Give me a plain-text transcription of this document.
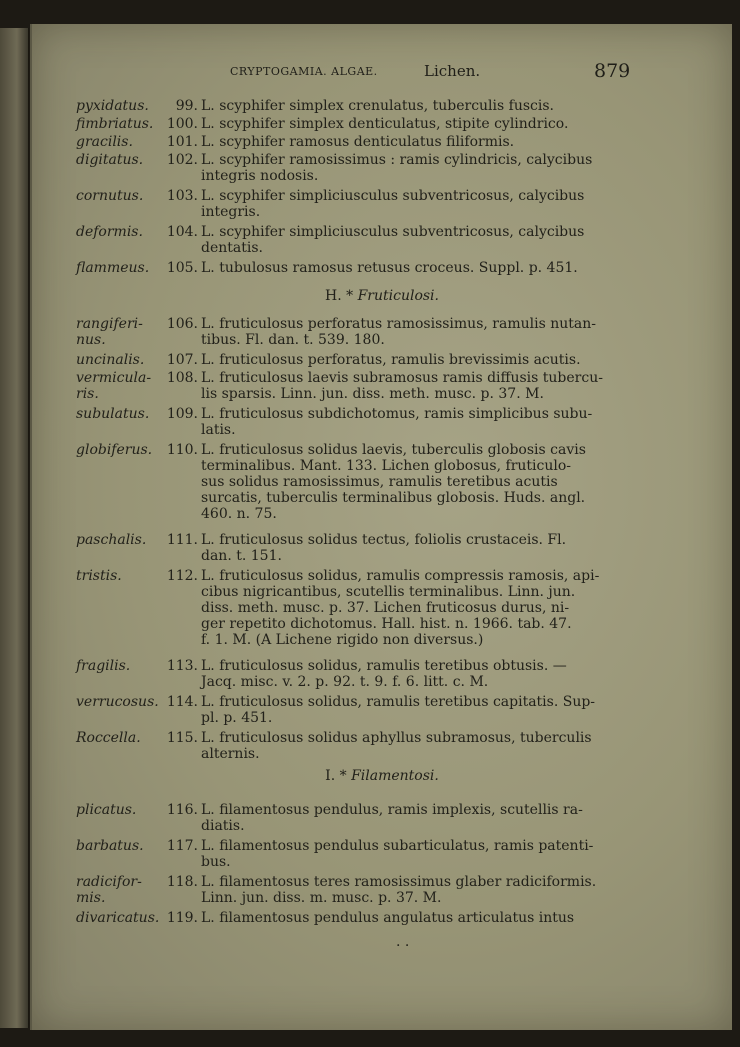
CRYPTOGAMIA. ALGAE.	Lichen.	879
pyxidatus.	99. L. scyphifer simplex crenulatus, tuberculis fuscis.
fimbriatus. 100. L. scyphifer simplex denticulatus, stipite cylindrico.
gracilis.	101. L. scyphifer ramosus denticulatus filiformis.
digitatus.	102. L. scyphifer ramosissimus : ramis cylindricis, calycibus
integris nodosis.
cornutus.	103. L. scyphifer simpliciusculus subventricosus, calycibus
integris.
deformis.	104. L. scyphifer simpliciusculus subventricosus, calycibus
dentatis.
flammeus.	105. L. tubulosus ramosus retusus croceus. Suppl. p. 451.
H. * Fruticulosi.
rangiferi-
nus.
106. L. fruticulosus perforatus ramosissimus, ramulis nutan-
tibus. Fl. dan. t. 539. 180.
uncinalis.	107. L. fruticulosus perforatus, ramulis brevissimis acutis.
vermicula-
ris.
108. L. fruticulosus laevis subramosus ramis diffusis tubercu-
lis sparsis. Linn. jun. diss. meth. musc. p. 37. M.
subulatus.	109. L. fruticulosus subdichotomus, ramis simplicibus subu-
latis.
globiferus.	110. L. fruticulosus solidus laevis, tuberculis globosis cavis
terminalibus. Mant. 133. Lichen globosus, fruticulo-
sus solidus ramosissimus, ramulis teretibus acutis
surcatis, tuberculis terminalibus globosis. Huds. angl.
460. n. 75.
paschalis.	111. L. fruticulosus solidus tectus, foliolis crustaceis. Fl.
dan. t. 151.
tristis.	112. L. fruticulosus solidus, ramulis compressis ramosis, api-
cibus nigricantibus, scutellis terminalibus. Linn. jun.
diss. meth. musc. p. 37. Lichen fruticosus durus, ni-
ger repetito dichotomus. Hall. hist. n. 1966. tab. 47.
f. 1. M. (A Lichene rigido non diversus.)
fragilis.	113. L. fruticulosus solidus, ramulis teretibus obtusis. —
Jacq. misc. v. 2. p. 92. t. 9. f. 6. litt. c. M.
verrucosus. 114. L. fruticulosus solidus, ramulis teretibus capitatis. Sup-
pl. p. 451.
Roccella.	115. L. fruticulosus solidus aphyllus subramosus, tuberculis
alternis.
I. * Filamentosi.
plicatus.	116. L. filamentosus pendulus, ramis implexis, scutellis ra-
diatis.
barbatus.	117. L. filamentosus pendulus subarticulatus, ramis patenti-
bus.
radicifor-
mis.
118. L. filamentosus teres ramosissimus glaber radiciformis.
Linn. jun. diss. m. musc. p. 37. M.
divaricatus. 119. L. filamentosus pendulus angulatus articulatus intus
. .
